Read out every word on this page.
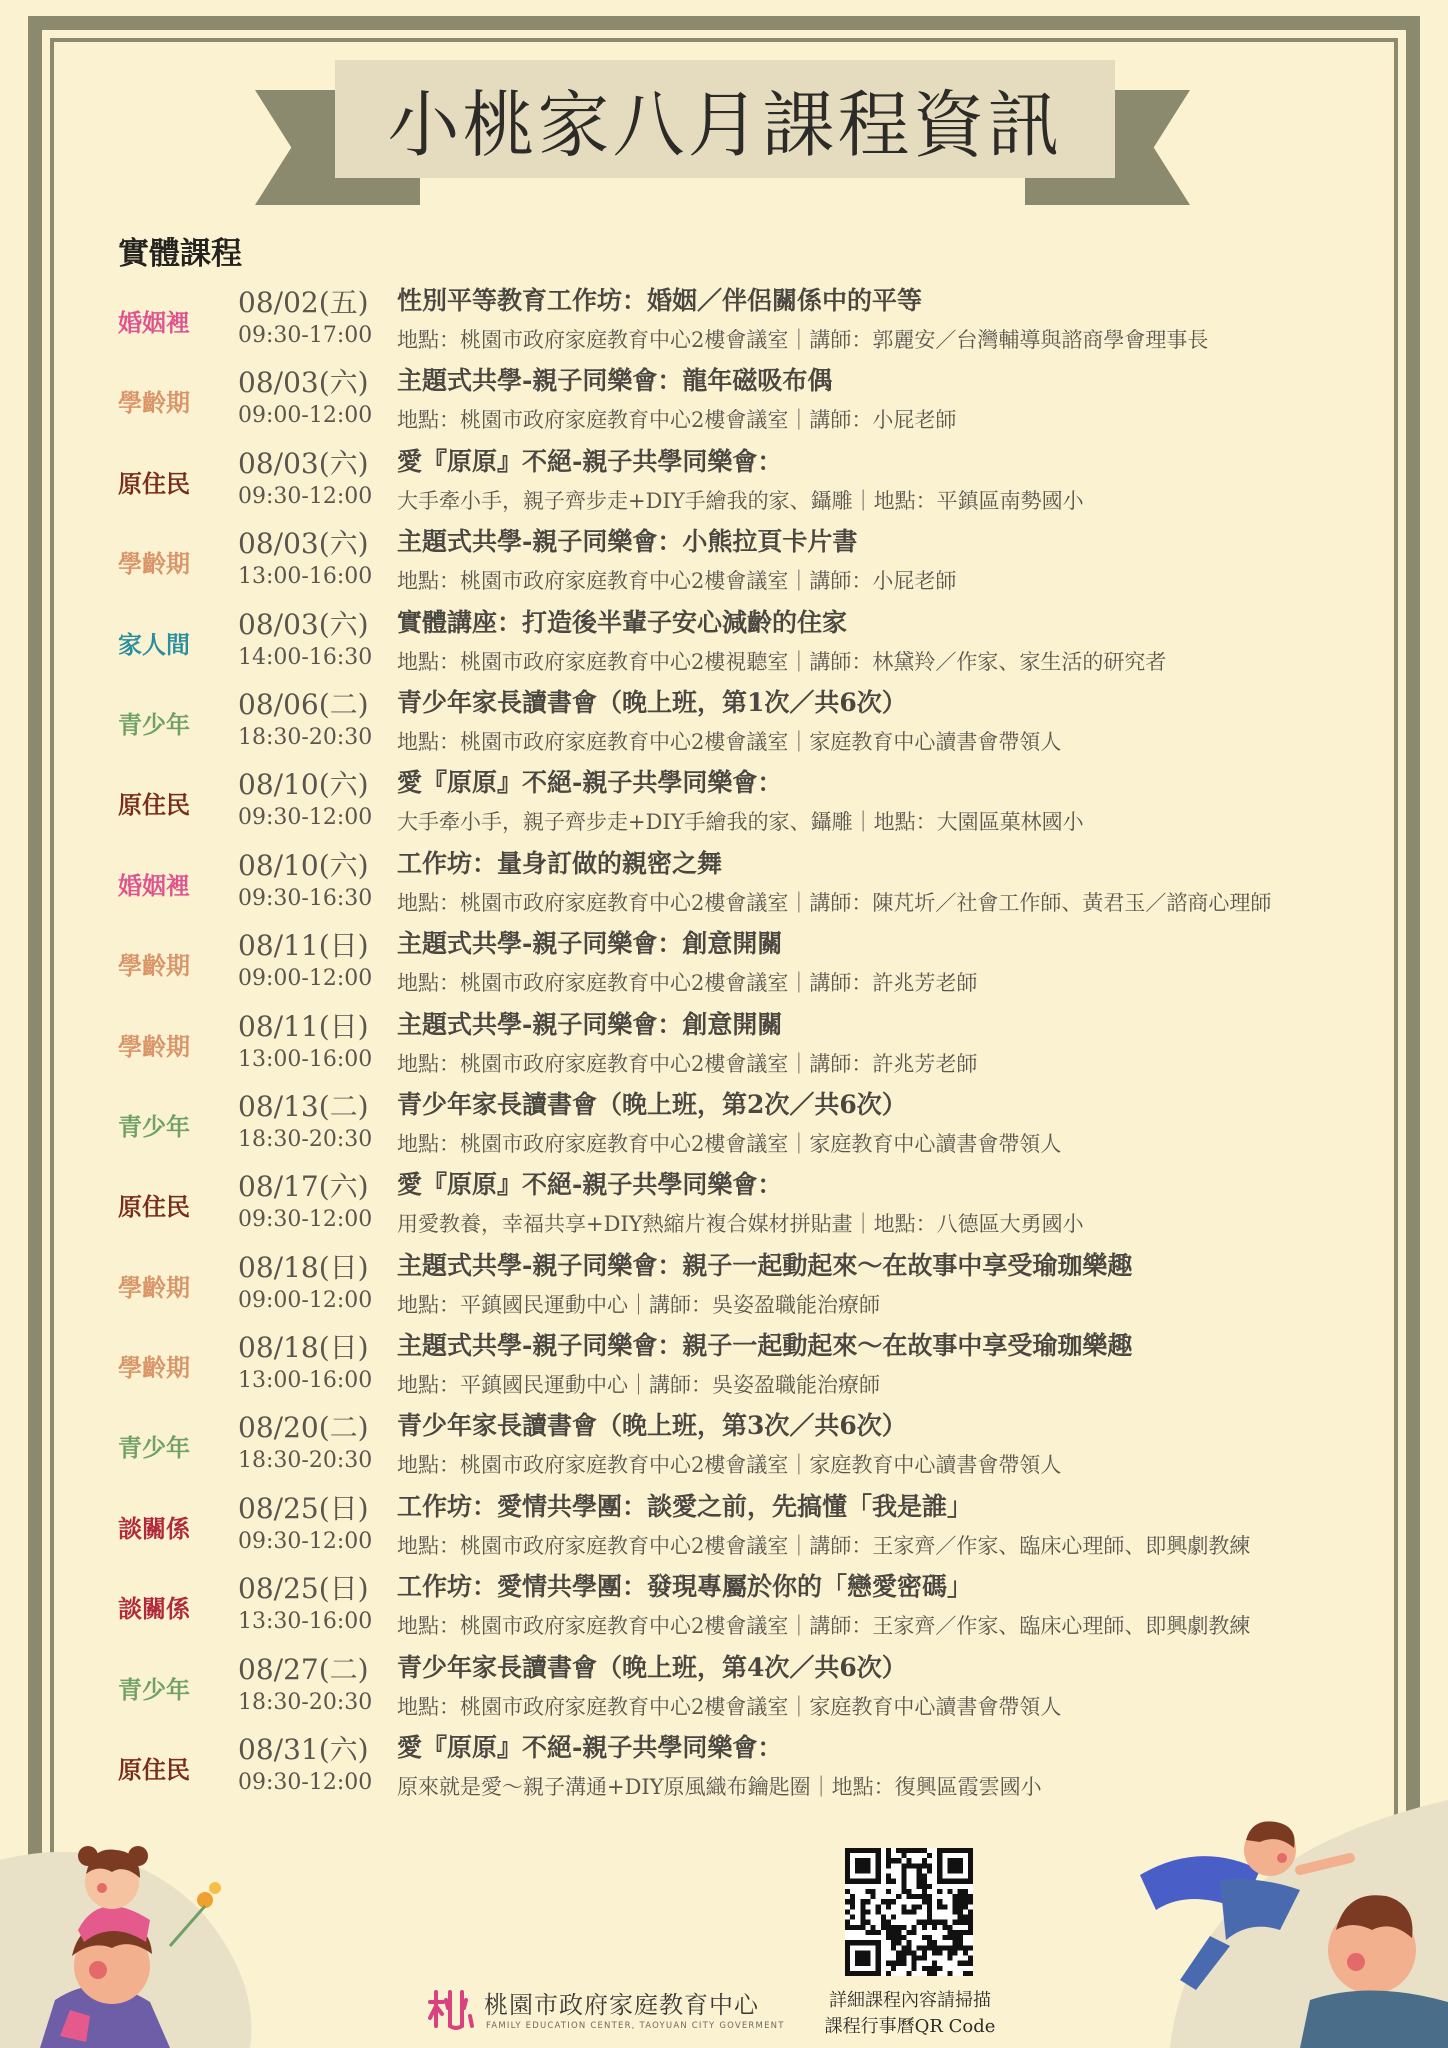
小桃家八月課程資訊
實體課程
婚姻裡
08/02(五)
09:30-17:00
性別平等教育工作坊：婚姻／伴侶關係中的平等
地點：桃園市政府家庭教育中心2樓會議室｜講師：郭麗安／台灣輔導與諮商學會理事長
學齡期
08/03(六)
09:00-12:00
主題式共學-親子同樂會：龍年磁吸布偶
地點：桃園市政府家庭教育中心2樓會議室｜講師：小屁老師
原住民
08/03(六)
09:30-12:00
愛『原原』不絕-親子共學同樂會：
大手牽小手，親子齊步走+DIY手繪我的家、鑷雕｜地點：平鎮區南勢國小
學齡期
08/03(六)
13:00-16:00
主題式共學-親子同樂會：小熊拉頁卡片書
地點：桃園市政府家庭教育中心2樓會議室｜講師：小屁老師
家人間
08/03(六)
14:00-16:30
實體講座：打造後半輩子安心減齡的住家
地點：桃園市政府家庭教育中心2樓視聽室｜講師：林黛羚／作家、家生活的研究者
青少年
08/06(二)
18:30-20:30
青少年家長讀書會（晚上班，第1次／共6次）
地點：桃園市政府家庭教育中心2樓會議室｜家庭教育中心讀書會帶領人
原住民
08/10(六)
09:30-12:00
愛『原原』不絕-親子共學同樂會：
大手牽小手，親子齊步走+DIY手繪我的家、鑷雕｜地點：大園區菓林國小
婚姻裡
08/10(六)
09:30-16:30
工作坊：量身訂做的親密之舞
地點：桃園市政府家庭教育中心2樓會議室｜講師：陳芃圻／社會工作師、黃君玉／諮商心理師
學齡期
08/11(日)
09:00-12:00
主題式共學-親子同樂會：創意開關
地點：桃園市政府家庭教育中心2樓會議室｜講師：許兆芳老師
學齡期
08/11(日)
13:00-16:00
主題式共學-親子同樂會：創意開關
地點：桃園市政府家庭教育中心2樓會議室｜講師：許兆芳老師
青少年
08/13(二)
18:30-20:30
青少年家長讀書會（晚上班，第2次／共6次）
地點：桃園市政府家庭教育中心2樓會議室｜家庭教育中心讀書會帶領人
原住民
08/17(六)
09:30-12:00
愛『原原』不絕-親子共學同樂會：
用愛教養，幸福共享+DIY熱縮片複合媒材拼貼畫｜地點：八德區大勇國小
學齡期
08/18(日)
09:00-12:00
主題式共學-親子同樂會：親子一起動起來～在故事中享受瑜珈樂趣
地點：平鎮國民運動中心｜講師：吳姿盈職能治療師
學齡期
08/18(日)
13:00-16:00
主題式共學-親子同樂會：親子一起動起來～在故事中享受瑜珈樂趣
地點：平鎮國民運動中心｜講師：吳姿盈職能治療師
青少年
08/20(二)
18:30-20:30
青少年家長讀書會（晚上班，第3次／共6次）
地點：桃園市政府家庭教育中心2樓會議室｜家庭教育中心讀書會帶領人
談關係
08/25(日)
09:30-12:00
工作坊：愛情共學團：談愛之前，先搞懂「我是誰」
地點：桃園市政府家庭教育中心2樓會議室｜講師：王家齊／作家、臨床心理師、即興劇教練
談關係
08/25(日)
13:30-16:00
工作坊：愛情共學團：發現專屬於你的「戀愛密碼」
地點：桃園市政府家庭教育中心2樓會議室｜講師：王家齊／作家、臨床心理師、即興劇教練
青少年
08/27(二)
18:30-20:30
青少年家長讀書會（晚上班，第4次／共6次）
地點：桃園市政府家庭教育中心2樓會議室｜家庭教育中心讀書會帶領人
原住民
08/31(六)
09:30-12:00
愛『原原』不絕-親子共學同樂會：
原來就是愛～親子溝通+DIY原風織布鑰匙圈｜地點：復興區霞雲國小

詳細課程內容請掃描
課程行事曆QR Code

桃園市政府家庭教育中心
FAMILY EDUCATION CENTER, TAOYUAN CITY GOVERMENT
